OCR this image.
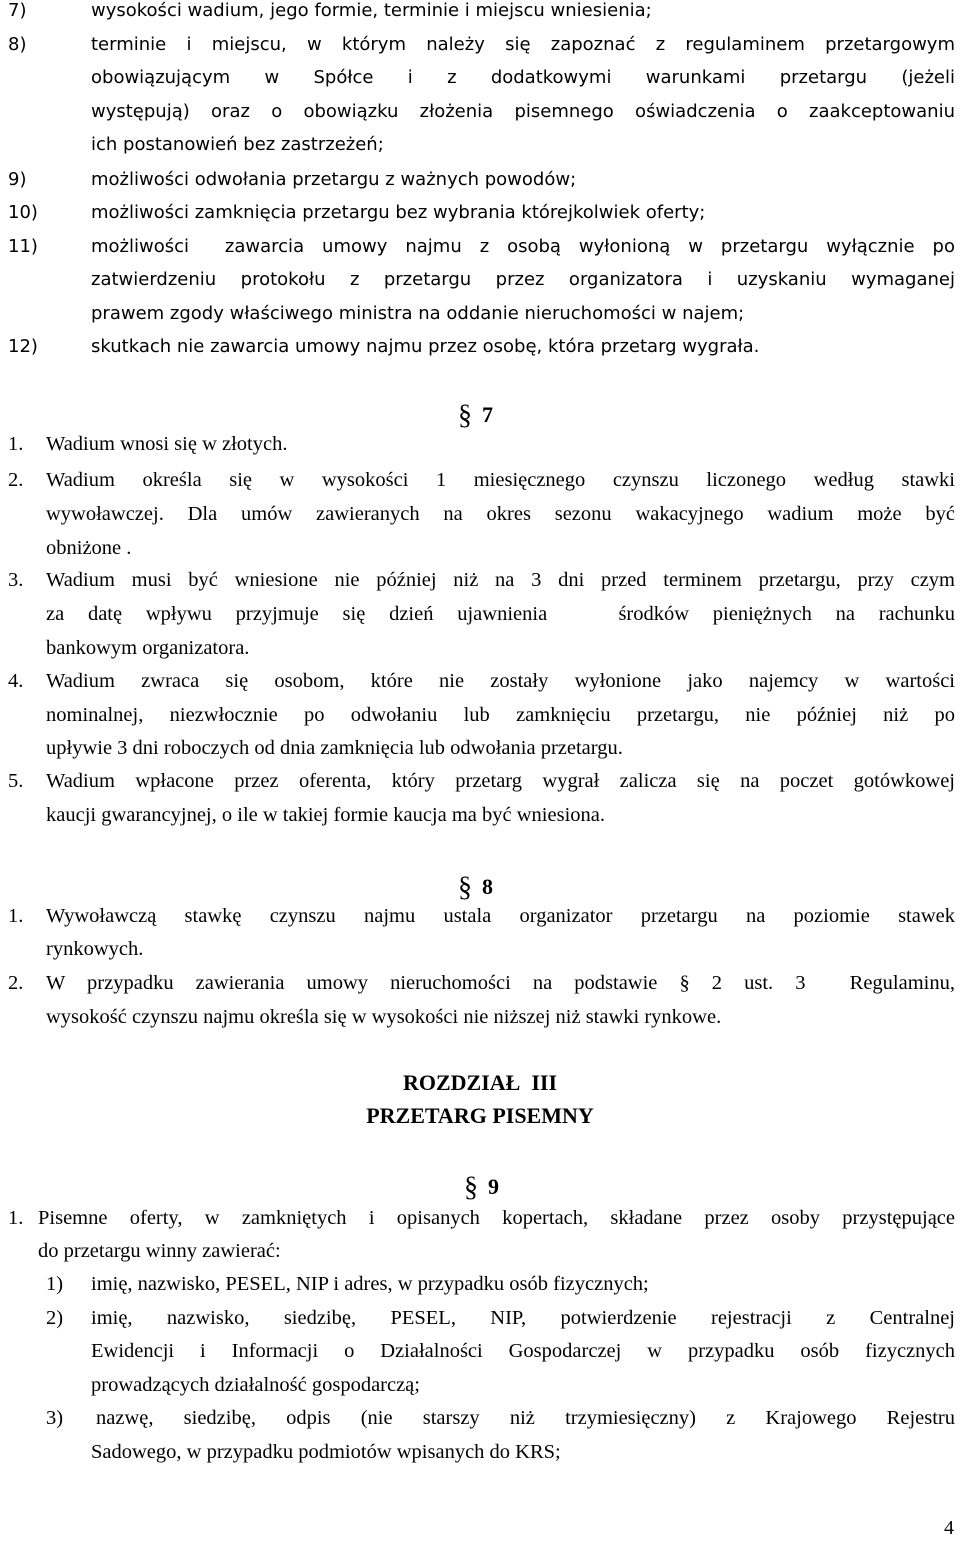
7)	wysokości wadium, jego formie, terminie i miejscu wniesienia;
8)	terminie i miejscu, w którym należy się zapoznać z regulaminem przetargowym
obowiązującym w Spółce i z dodatkowymi warunkami przetargu (jeżeli
występują) oraz o obowiązku złożenia pisemnego oświadczenia o zaakceptowaniu
ich postanowień bez zastrzeżeń;
9)	możliwości odwołania przetargu z ważnych powodów;
10)	możliwości zamknięcia przetargu bez wybrania którejkolwiek oferty;
11)	możliwości  zawarcia umowy najmu z osobą wyłonioną w przetargu wyłącznie po
zatwierdzeniu protokołu z przetargu przez organizatora i uzyskaniu wymaganej
prawem zgody właściwego ministra na oddanie nieruchomości w najem;
12)	skutkach nie zawarcia umowy najmu przez osobę, która przetarg wygrała.
§ 7
1. Wadium wnosi się w złotych.
2. Wadium określa się w wysokości 1 miesięcznego czynszu liczonego według stawki
wywoławczej. Dla umów zawieranych na okres sezonu wakacyjnego wadium może być
obniżone .
3. Wadium musi być wniesione nie później niż na 3 dni przed terminem przetargu, przy czym
za datę wpływu przyjmuje się dzień ujawnienia   środków pieniężnych na rachunku
bankowym organizatora.
4. Wadium zwraca się osobom, które nie zostały wyłonione jako najemcy w wartości
nominalnej, niezwłocznie po odwołaniu lub zamknięciu przetargu, nie później niż po
upływie 3 dni roboczych od dnia zamknięcia lub odwołania przetargu.
5. Wadium wpłacone przez oferenta, który przetarg wygrał zalicza się na poczet gotówkowej
kaucji gwarancyjnej, o ile w takiej formie kaucja ma być wniesiona.
§ 8
1. Wywoławczą stawkę czynszu najmu ustala organizator przetargu na poziomie stawek
rynkowych.
2. W przypadku zawierania umowy nieruchomości na podstawie § 2 ust. 3  Regulaminu,
wysokość czynszu najmu określa się w wysokości nie niższej niż stawki rynkowe.
ROZDZIAŁ  III
PRZETARG PISEMNY
§ 9
1. Pisemne oferty, w zamkniętych i opisanych kopertach, składane przez osoby przystępujące
do przetargu winny zawierać:
1) imię, nazwisko, PESEL, NIP i adres, w przypadku osób fizycznych;
2) imię, nazwisko, siedzibę, PESEL, NIP, potwierdzenie rejestracji z Centralnej
Ewidencji i Informacji o Działalności Gospodarczej w przypadku osób fizycznych
prowadzących działalność gospodarczą;
3) nazwę, siedzibę, odpis (nie starszy niż trzymiesięczny) z Krajowego Rejestru
Sadowego, w przypadku podmiotów wpisanych do KRS;
4
